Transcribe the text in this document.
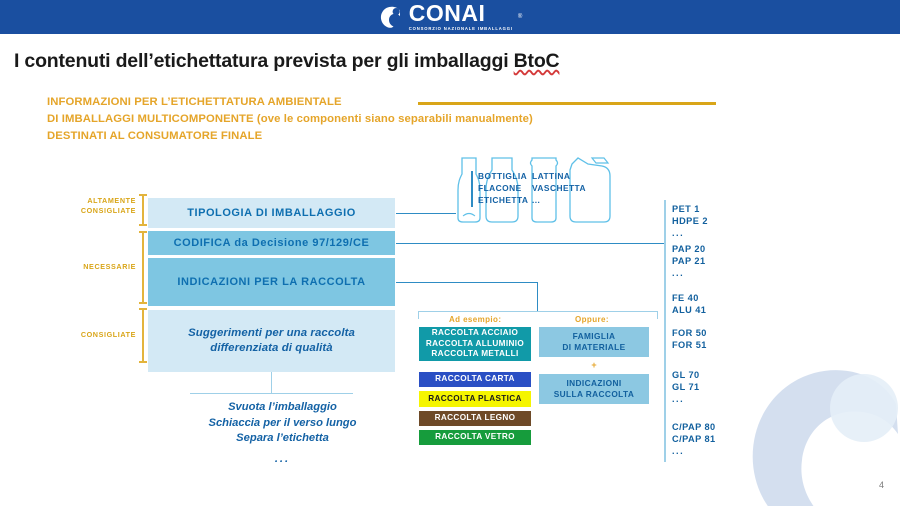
CONAI
CONSORZIO NAZIONALE IMBALLAGGI
®
I contenuti dell’etichettatura prevista per gli imballaggi BtoC
INFORMAZIONI PER L’ETICHETTATURA AMBIENTALE
DI IMBALLAGGI MULTICOMPONENTE (ove le componenti siano separabili manualmente)
DESTINATI AL CONSUMATORE FINALE
ALTAMENTE
CONSIGLIATE
NECESSARIE
CONSIGLIATE
TIPOLOGIA DI IMBALLAGGIO
CODIFICA da Decisione 97/129/CE
INDICAZIONI PER LA RACCOLTA
Suggerimenti per una raccolta
differenziata di qualità
Svuota l’imballaggio
Schiaccia per il verso lungo
Separa l’etichetta
...
BOTTIGLIA
FLACONE
ETICHETTA
LATTINA
VASCHETTA
...
Ad esempio:
RACCOLTA ACCIAIO
RACCOLTA ALLUMINIO
RACCOLTA METALLI
RACCOLTA CARTA
RACCOLTA PLASTICA
RACCOLTA LEGNO
RACCOLTA VETRO
Oppure:
FAMIGLIA
DI MATERIALE
+
INDICAZIONI
SULLA RACCOLTA
PET 1
HDPE 2
...
PAP 20
PAP 21
...
FE 40
ALU 41
FOR 50
FOR 51
GL 70
GL 71
...
C/PAP 80
C/PAP 81
...
4
